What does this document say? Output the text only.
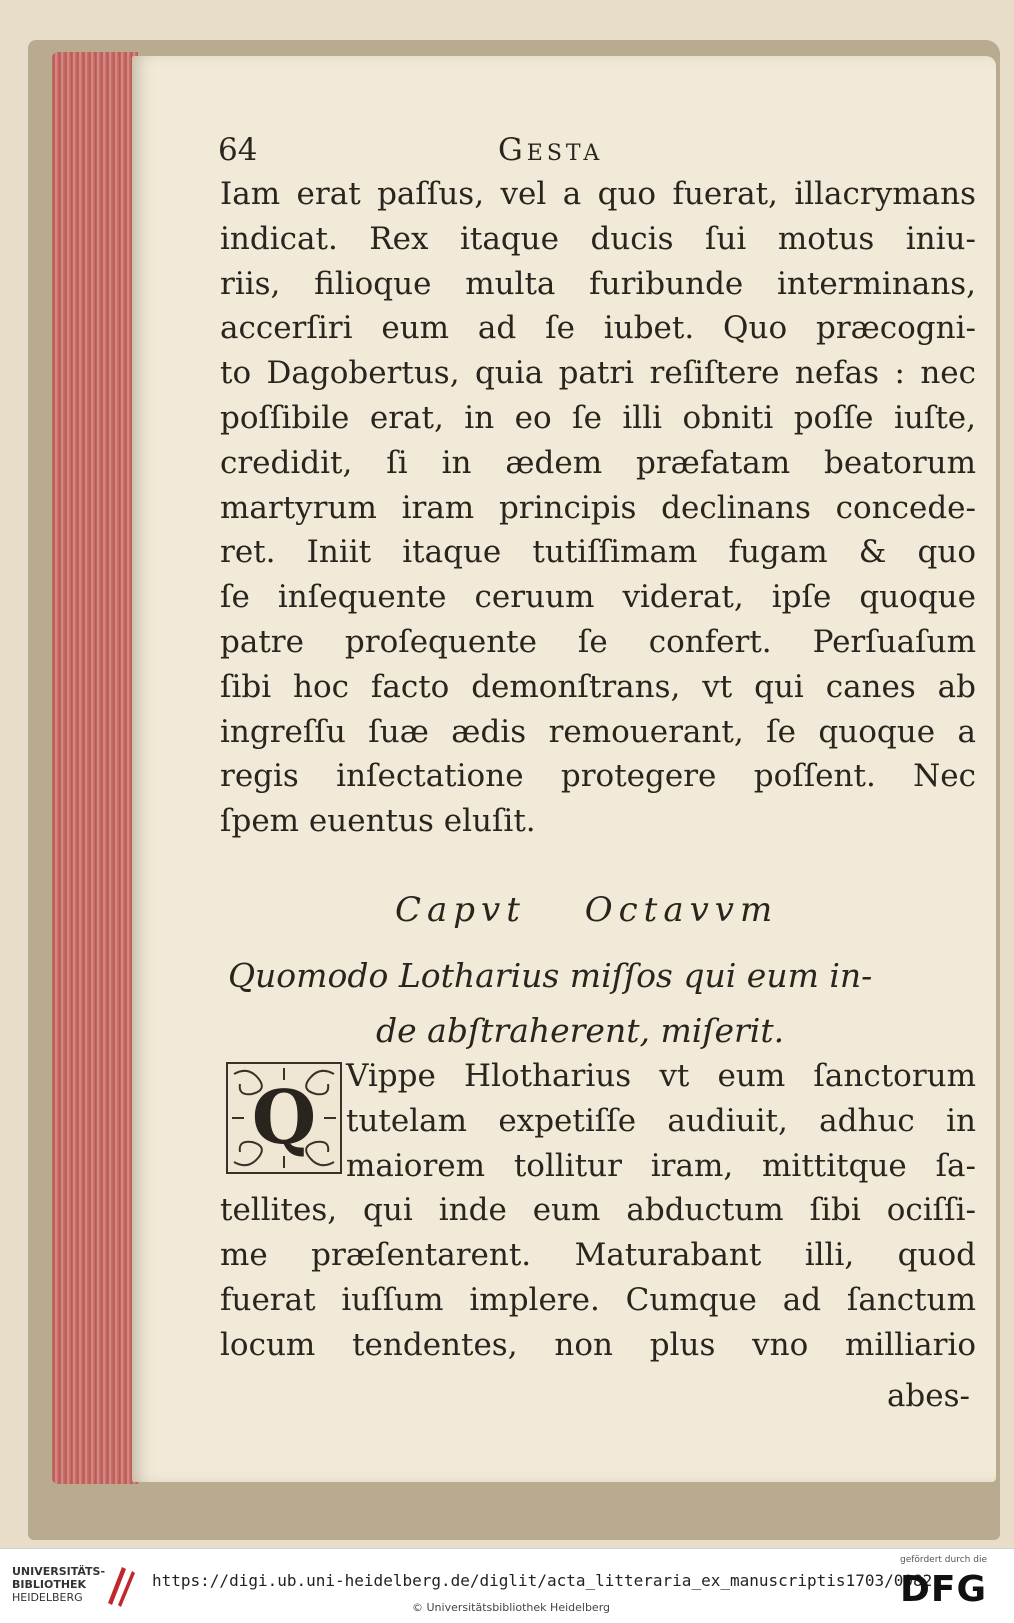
64	Gesta
Iam erat paſſus, vel a quo fuerat, illacrymans
indicat. Rex itaque ducis ſui motus iniu-
riis, filioque multa furibunde interminans,
accerſiri eum ad ſe iubet. Quo præcogni-
to Dagobertus, quia patri reſiſtere nefas : nec
poſſibile erat, in eo ſe illi obniti poſſe iuſte,
credidit, ſi in ædem præfatam beatorum
martyrum iram principis declinans concede-
ret. Iniit itaque tutiſſimam fugam & quo
ſe inſequente ceruum viderat, ipſe quoque
patre proſequente ſe confert. Perſuaſum
ſibi hoc facto demonſtrans, vt qui canes ab
ingreſſu ſuæ ædis remouerant, ſe quoque a
regis inſectatione protegere poſſent. Nec
ſpem euentus eluſit.
Capvt Octavvm
Quomodo Lotharius miſſos qui eum in-
de abſtraherent, miſerit.
Q Vippe Hlotharius vt eum ſanctorum
tutelam expetiſſe audiuit, adhuc in
maiorem tollitur iram, mittitque ſa-
tellites, qui inde eum abductum ſibi ociſſi-
me præſentarent. Maturabant illi, quod
fuerat iuſſum implere. Cumque ad ſanctum
locum tendentes, non plus vno milliario
abes-
UNIVERSITÄTS-
BIBLIOTHEK
HEIDELBERG
https://digi.ub.uni-heidelberg.de/diglit/acta_litteraria_ex_manuscriptis1703/0082
© Universitätsbibliothek Heidelberg
gefördert durch die
DFG
